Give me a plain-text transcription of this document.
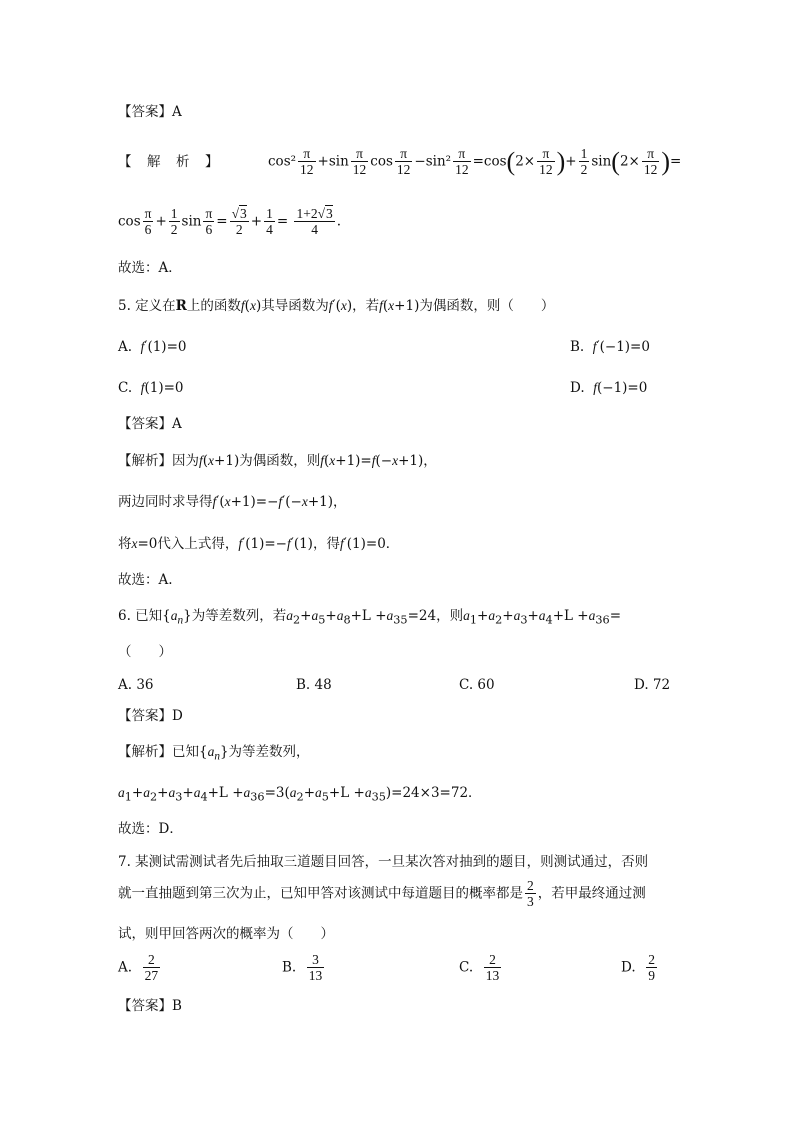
【答案】A
【　解　析　】	$\cos^2 \frac{\pi}{12} +\sin \frac{\pi}{12}$ $\cos \frac{\pi}{12} -\sin^2 \frac{\pi}{12} =\cos(2\times \frac{\pi}{12}$ )+ $\frac{1}{2} \sin(2\times \frac{\pi}{12}$ )=
$\cos \frac{\pi}{6} + \frac{1}{2}$ $\sin \frac{\pi}{6} = \frac{√3}{2} + \frac{1}{4} = \frac{1+2√3}{4}$ .
故选：A．
5. 定义在R上的函数f(x)其导函数为f′(x)，若f(x+1)为偶函数，则（　　）
A.  f′(1)=0	B.  f′(−1)=0
C.  f(1)=0	D.  f(−1)=0
【答案】A
【解析】因为f(x+1)为偶函数，则f(x+1)=f(−x+1)，
两边同时求导得f′(x+1)=−f′(−x+1)，
将x=0代入上式得，f′(1)=−f′(1)，得f′(1)=0．
故选：A.
6. 已知$\{a_n\}$为等差数列，若$a_2+a_5+a_8+L +a_{35}=24$，则$a_1+a_2+a_3+a_4+L +a_{36}=$
（　　）
A. 36	B. 48	C. 60	D. 72
【答案】D
【解析】已知$\{a_n\}$为等差数列，
$a_1+a_2+a_3+a_4+L +a_{36}=3(a_2+a_5+L +a_{35})=24\times 3=72$．
故选：D．
7. 某测试需测试者先后抽取三道题目回答，一旦某次答对抽到的题目，则测试通过，否则
就一直抽题到第三次为止，已知甲答对该测试中每道题目的概率都是 $\frac{2}{3}$ ，若甲最终通过测
试，则甲回答两次的概率为（　　）
A. $\frac{2}{27}$	B. $\frac{3}{13}$	C. $\frac{2}{13}$	D. $\frac{2}{9}$
【答案】B
